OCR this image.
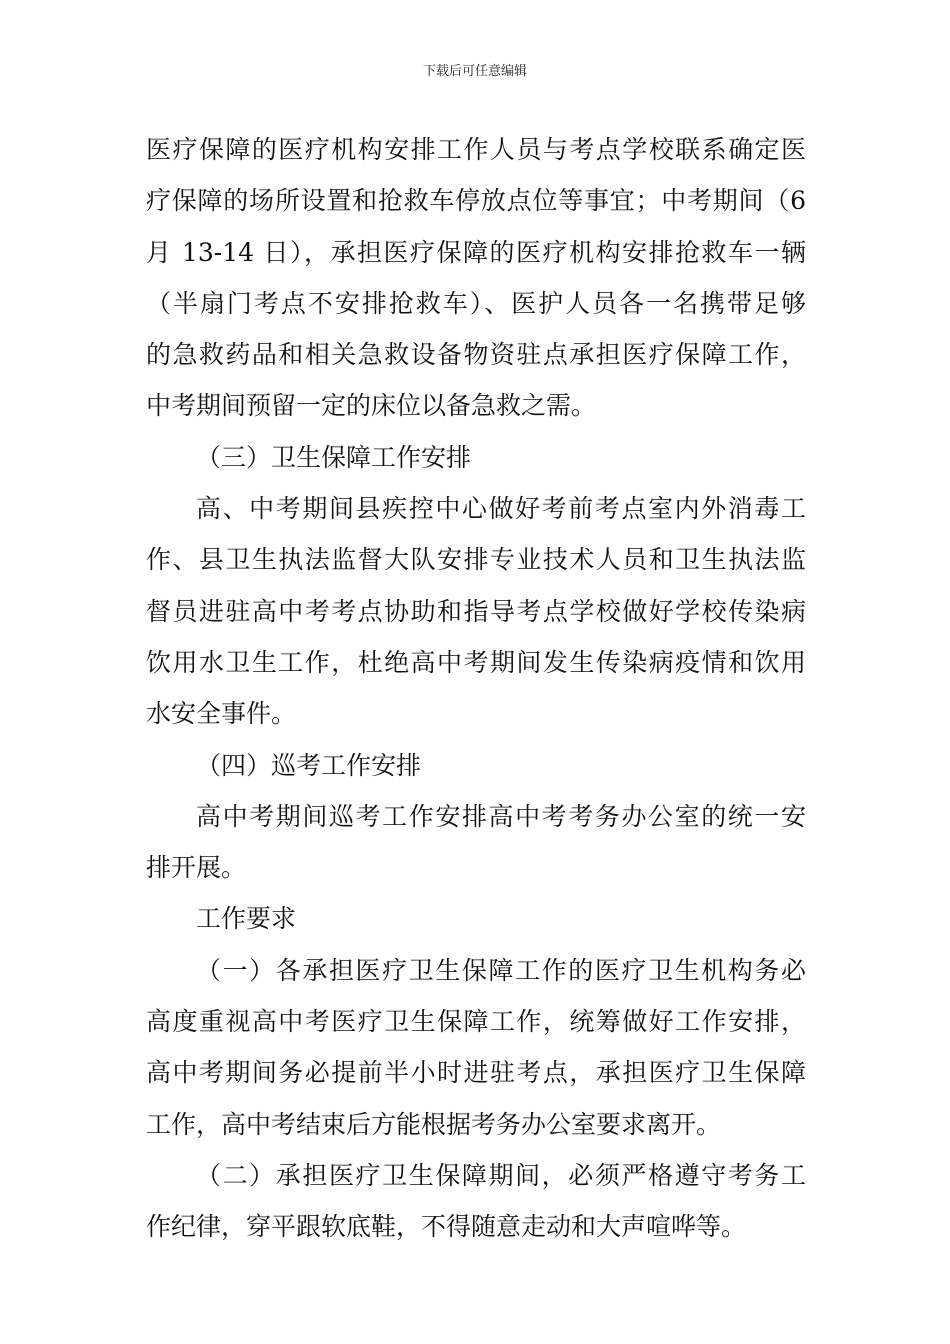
下载后可任意编辑
医疗保障的医疗机构安排工作人员与考点学校联系确定医
疗保障的场所设置和抢救车停放点位等事宜；中考期间（6
月 13-14 日），承担医疗保障的医疗机构安排抢救车一辆
（半扇门考点不安排抢救车）、医护人员各一名携带足够
的急救药品和相关急救设备物资驻点承担医疗保障工作，
中考期间预留一定的床位以备急救之需。
（三）卫生保障工作安排
高、中考期间县疾控中心做好考前考点室内外消毒工
作、县卫生执法监督大队安排专业技术人员和卫生执法监
督员进驻高中考考点协助和指导考点学校做好学校传染病
饮用水卫生工作，杜绝高中考期间发生传染病疫情和饮用
水安全事件。
（四）巡考工作安排
高中考期间巡考工作安排高中考考务办公室的统一安
排开展。
工作要求
（一）各承担医疗卫生保障工作的医疗卫生机构务必
高度重视高中考医疗卫生保障工作，统筹做好工作安排，
高中考期间务必提前半小时进驻考点，承担医疗卫生保障
工作，高中考结束后方能根据考务办公室要求离开。
（二）承担医疗卫生保障期间，必须严格遵守考务工
作纪律，穿平跟软底鞋，不得随意走动和大声喧哗等。
